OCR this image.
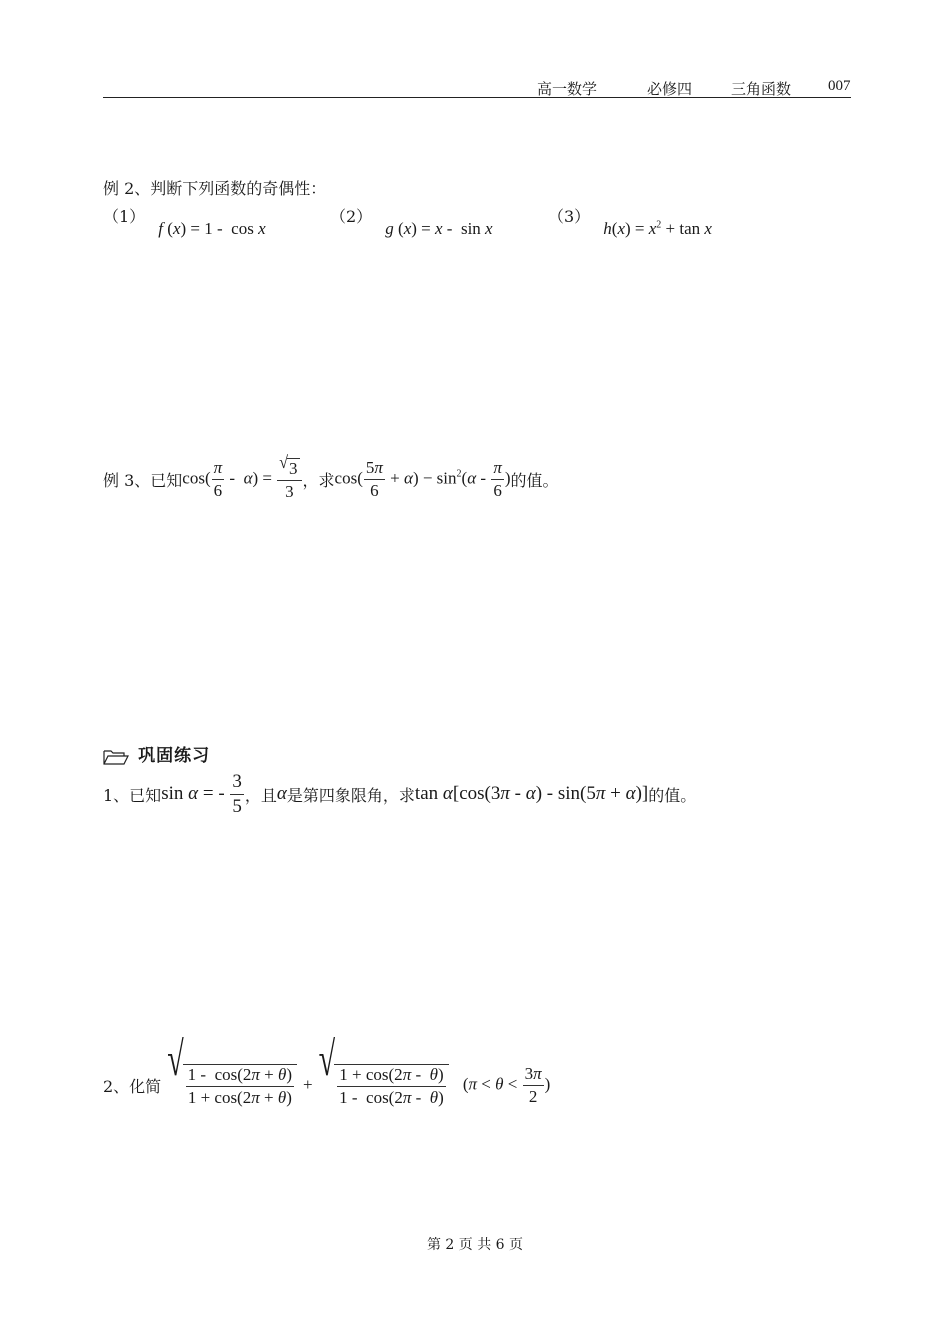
高一数学	必修四	三角函数 007
例 2、判断下列函数的奇偶性：
（1） f (x) = 1 -  cos x
（2） g (x) = x -  sin x
（3） $h(x) = x^2 + \tan x$
例 3、已知 $\cos( \frac{\pi}{6} - \alpha) = \frac{√ 3}{3}$ ，求 $\cos( \frac{5\pi}{6} + \alpha) - \sin^2(\alpha - \frac{\pi}{6}$ ) 的值。
巩固练习
1、已知 sin α = - $\frac{3}{5}$ ，且 α 是第四象限角，求 tan α[cos(3π - α) - sin(5π + α)] 的值。
2、化简 √ $\frac{1 - \cos(2\pi + \theta)}{1 + \cos(2\pi + \theta)}$ + √ $\frac{1 + \cos(2\pi - \theta)}{1 - \cos(2\pi - \theta)} (\pi < \theta < \frac{3\pi}{2}$ )
第 2 页 共 6 页
